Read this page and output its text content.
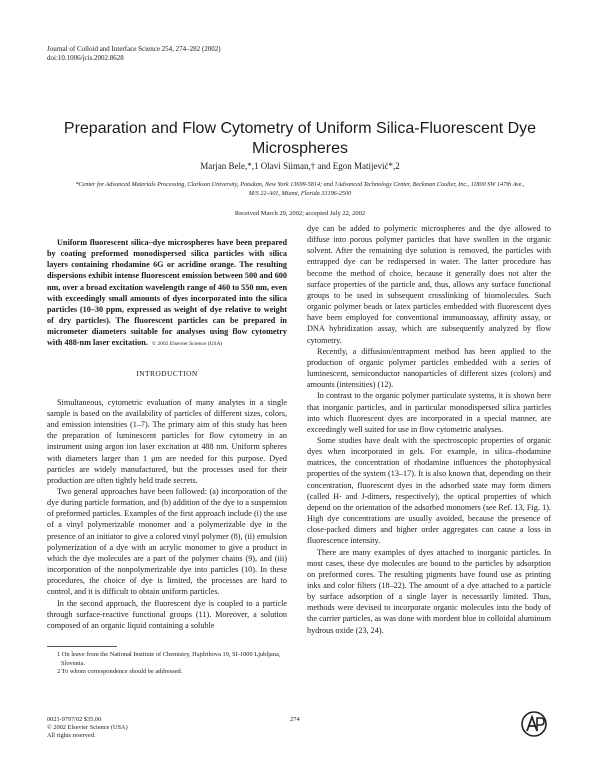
Journal of Colloid and Interface Science 254, 274–282 (2002)
doi:10.1006/jcis.2002.8628
Preparation and Flow Cytometry of Uniform Silica-Fluorescent Dye Microspheres
Marjan Bele,*,1 Olavi Siiman,† and Egon Matijević*,2
*Center for Advanced Materials Processing, Clarkson University, Potsdam, New York 13699-5814; and †Advanced Technology Center, Beckman Coulter, Inc., 11800 SW 147th Ave., M/S 22-A01, Miami, Florida 33196-2500
Received March 29, 2002; accepted July 22, 2002

Uniform fluorescent silica–dye microspheres have been prepared by coating preformed monodispersed silica particles with silica layers containing rhodamine 6G or acridine orange. The resulting dispersions exhibit intense fluorescent emission between 500 and 600 nm, over a broad excitation wavelength range of 460 to 550 nm, even with exceedingly small amounts of dyes incorporated into the silica particles (10–30 ppm, expressed as weight of dye relative to weight of dry particles). The fluorescent particles can be prepared in micrometer diameters suitable for analyses using flow cytometry with 488-nm laser excitation. © 2002 Elsevier Science (USA)

INTRODUCTION

Simultaneous, cytometric evaluation of many analytes in a single sample is based on the availability of particles of different sizes, colors, and emission intensities (1–7). The primary aim of this study has been the preparation of luminescent particles for flow cytometry in an instrument using argon ion laser excitation at 488 nm. Uniform spheres with diameters larger than 1 μm are needed for this purpose. Dyed particles are widely manufactured, but the processes used for their production are often tightly held trade secrets.

Two general approaches have been followed: (a) incorporation of the dye during particle formation, and (b) addition of the dye to a suspension of preformed particles. Examples of the first approach include (i) the use of a vinyl polymerizable monomer and a polymerizable dye in the presence of an initiator to give a colored vinyl polymer (8), (ii) emulsion polymerization of a dye with an acrylic monomer to give a product in which the dye molecules are a part of the polymer chains (9), and (iii) incorporation of the nonpolymerizable dye into particles (10). In these procedures, the choice of dye is limited, the processes are hard to control, and it is difficult to obtain uniform particles.

In the second approach, the fluorescent dye is coupled to a particle through surface-reactive functional groups (11). Moreover, a solution composed of an organic liquid containing a soluble

dye can be added to polymeric microspheres and the dye allowed to diffuse into porous polymer particles that have swollen in the organic solvent. After the remaining dye solution is removed, the particles with entrapped dye can be redispersed in water. The latter procedure has become the method of choice, because it generally does not alter the surface properties of the particle and, thus, allows any surface functional groups to be used in subsequent crosslinking of biomolecules. Such organic polymer beads or latex particles embedded with fluorescent dyes have been employed for conventional immunoassay, affinity assay, or DNA hybridization assay, which are subsequently analyzed by flow cytometry.

Recently, a diffusion/entrapment method has been applied to the production of organic polymer particles embedded with a series of luminescent, semiconductor nanoparticles of different sizes (colors) and amounts (intensities) (12).

In contrast to the organic polymer particulate systems, it is shown here that inorganic particles, and in particular monodispersed silica particles into which fluorescent dyes are incorporated in a special manner, are exceedingly well suited for use in flow cytometric analyses.

Some studies have dealt with the spectroscopic properties of organic dyes when incorporated in gels. For example, in silica–rhodamine matrices, the concentration of rhodamine influences the photophysical properties of the system (13–17). It is also known that, depending on their concentration, fluorescent dyes in the adsorbed state may form dimers (called H- and J-dimers, respectively), the optical properties of which depend on the orientation of the adsorbed monomers (see Ref. 13, Fig. 1). High dye concentrations are usually avoided, because the presence of close-packed dimers and higher order aggregates can cause a loss in fluorescence intensity.

There are many examples of dyes attached to inorganic particles. In most cases, these dye molecules are bound to the particles by adsorption on preformed cores. The resulting pigments have found use as printing inks and color filters (18–22). The amount of a dye attached to a particle by surface adsorption of a single layer is necessarily limited. Thus, methods were devised to incorporate organic molecules into the body of the carrier particles, as was done with mordent blue in colloidal aluminum hydrous oxide (23, 24).

1 On leave from the National Institute of Chemistry, Hajdrihova 19, SI-1000 Ljubljana, Slovenia.

2 To whom correspondence should be addressed.

0021-9797/02 $35.00
© 2002 Elsevier Science (USA)
All rights reserved.
274
